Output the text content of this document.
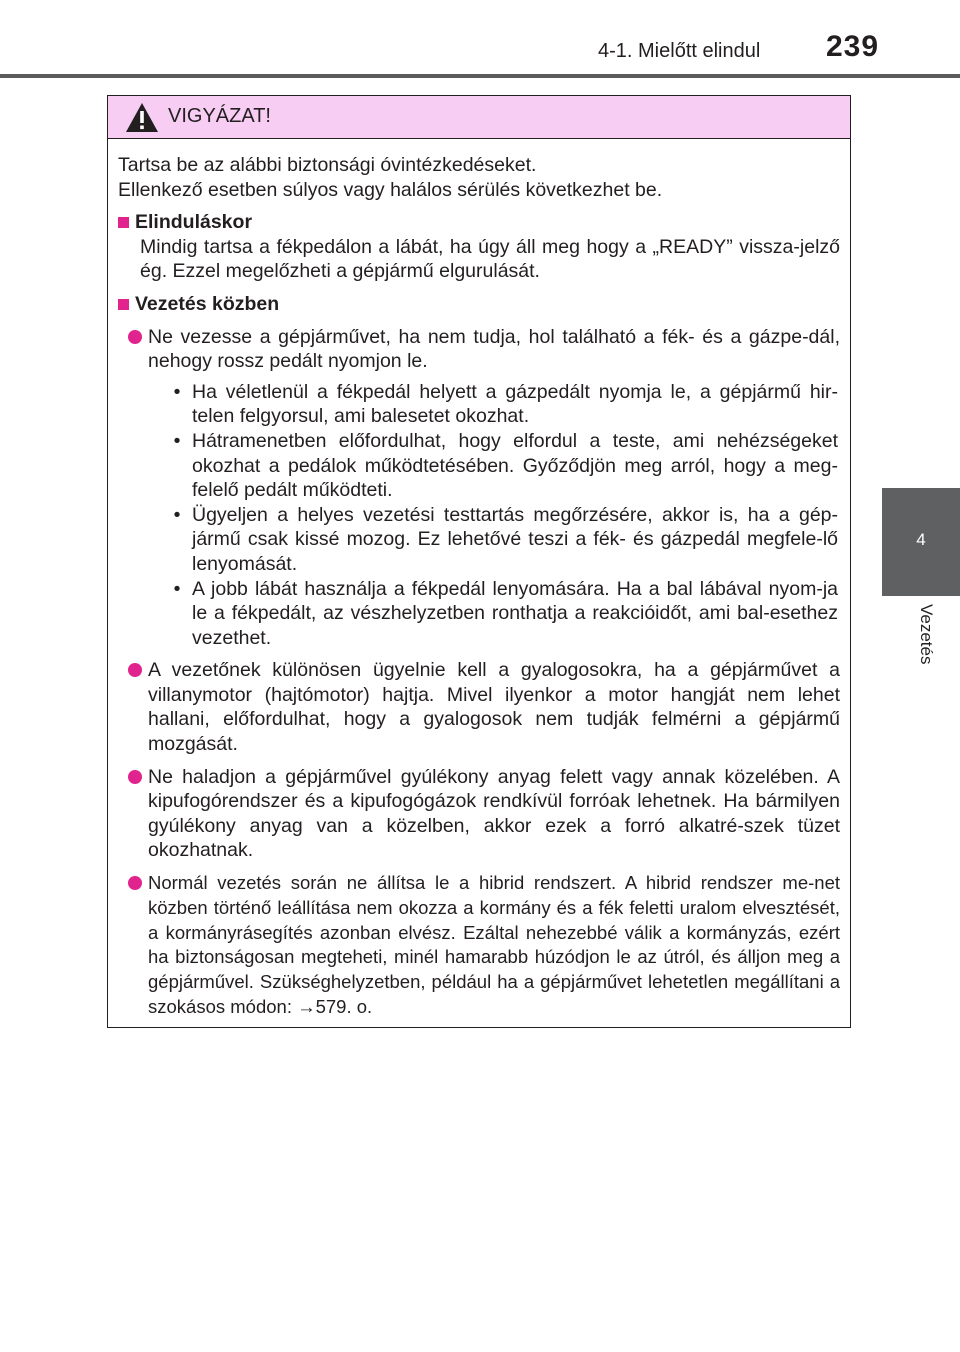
4-1. Mielőtt elindul 239
4
Vezetés
VIGYÁZAT!

Tartsa be az alábbi biztonsági óvintézkedéseket.

Ellenkező esetben súlyos vagy halálos sérülés következhet be.

Elinduláskor
Mindig tartsa a fékpedálon a lábát, ha úgy áll meg hogy a „READY” vissza-jelző ég. Ezzel megelőzheti a gépjármű elgurulását.
Vezetés közben
Ne vezesse a gépjárművet, ha nem tudja, hol található a fék- és a gázpe-dál, nehogy rossz pedált nyomjon le.
• Ha véletlenül a fékpedál helyett a gázpedált nyomja le, a gépjármű hir-telen felgyorsul, ami balesetet okozhat.
• Hátramenetben előfordulhat, hogy elfordul a teste, ami nehézségeket okozhat a pedálok működtetésében. Győződjön meg arról, hogy a meg-felelő pedált működteti.
• Ügyeljen a helyes vezetési testtartás megőrzésére, akkor is, ha a gép-jármű csak kissé mozog. Ez lehetővé teszi a fék- és gázpedál megfele-lő lenyomását.
• A jobb lábát használja a fékpedál lenyomására. Ha a bal lábával nyom-ja le a fékpedált, az vészhelyzetben ronthatja a reakcióidőt, ami bal-esethez vezethet.
A vezetőnek különösen ügyelnie kell a gyalogosokra, ha a gépjárművet a villanymotor (hajtómotor) hajtja. Mivel ilyenkor a motor hangját nem lehet hallani, előfordulhat, hogy a gyalogosok nem tudják felmérni a gépjármű mozgását.
Ne haladjon a gépjárművel gyúlékony anyag felett vagy annak közelében. A kipufogórendszer és a kipufogógázok rendkívül forróak lehetnek. Ha bármilyen gyúlékony anyag van a közelben, akkor ezek a forró alkatré-szek tüzet okozhatnak.
Normál vezetés során ne állítsa le a hibrid rendszert. A hibrid rendszer me-net közben történő leállítása nem okozza a kormány és a fék feletti uralom elvesztését, a kormányrásegítés azonban elvész. Ezáltal nehezebbé válik a kormányzás, ezért ha biztonságosan megteheti, minél hamarabb húzódjon le az útról, és álljon meg a gépjárművel. Szükséghelyzetben, például ha a gépjárművet lehetetlen megállítani a szokásos módon: →579. o.
